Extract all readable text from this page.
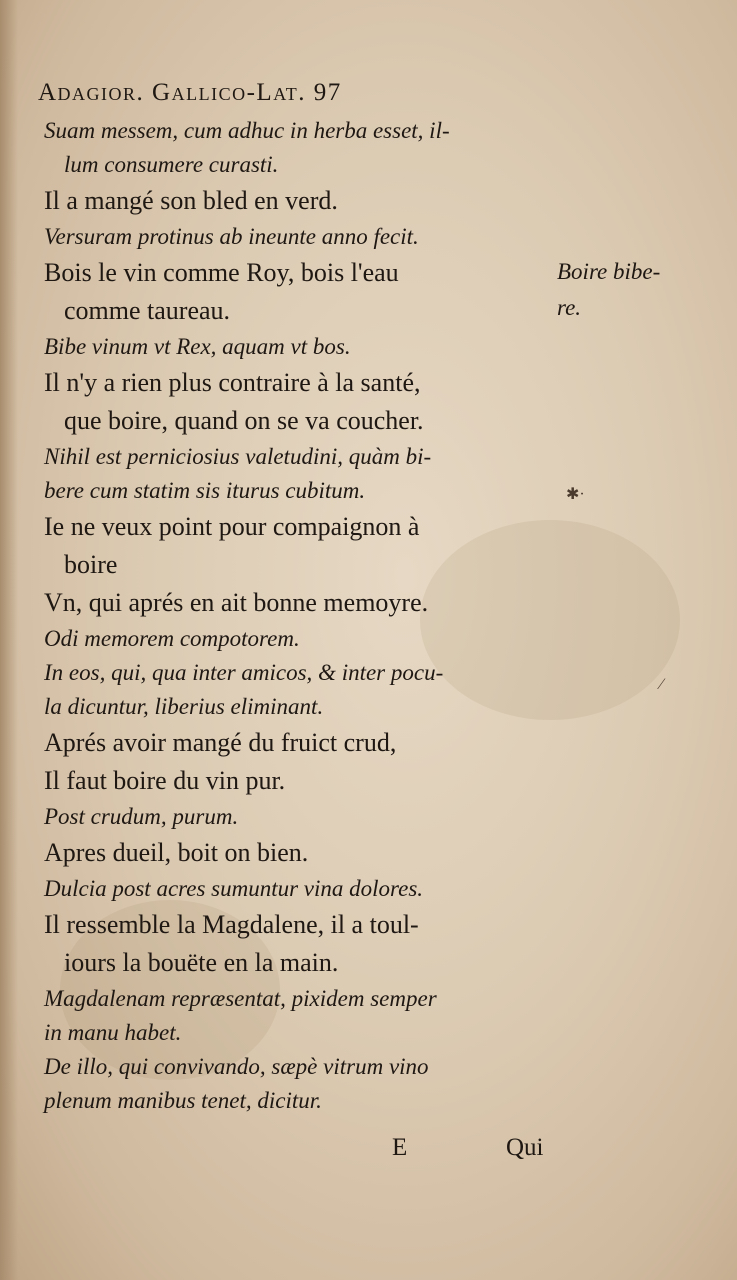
Adagior. Gallico-Lat. 97
Suam messem, cum adhuc in herba esset, il-
lum consumere curasti.
Il a mangé son bled en verd.
Versuram protinus ab ineunte anno fecit.
Bois le vin comme Roy, bois l'eau
comme taureau.
Bibe vinum vt Rex, aquam vt bos.
Il n'y a rien plus contraire à la santé,
que boire, quand on se va coucher.
Nihil est perniciosius valetudini, quàm bi-
bere cum statim sis iturus cubitum.
Ie ne veux point pour compaignon à
boire
Vn, qui aprés en ait bonne memoyre.
Odi memorem compotorem.
In eos, qui, qua inter amicos, & inter pocu-
la dicuntur, liberius eliminant.
Aprés avoir mangé du fruict crud,
Il faut boire du vin pur.
Post crudum, purum.
Apres dueil, boit on bien.
Dulcia post acres sumuntur vina dolores.
Il ressemble la Magdalene, il a toul-
iours la bouëte en la main.
Magdalenam repræsentat, pixidem semper
in manu habet.
De illo, qui convivando, sæpè vitrum vino
plenum manibus tenet, dicitur.
Boire bibe-
re.
E	Qui
✱·
⁄
